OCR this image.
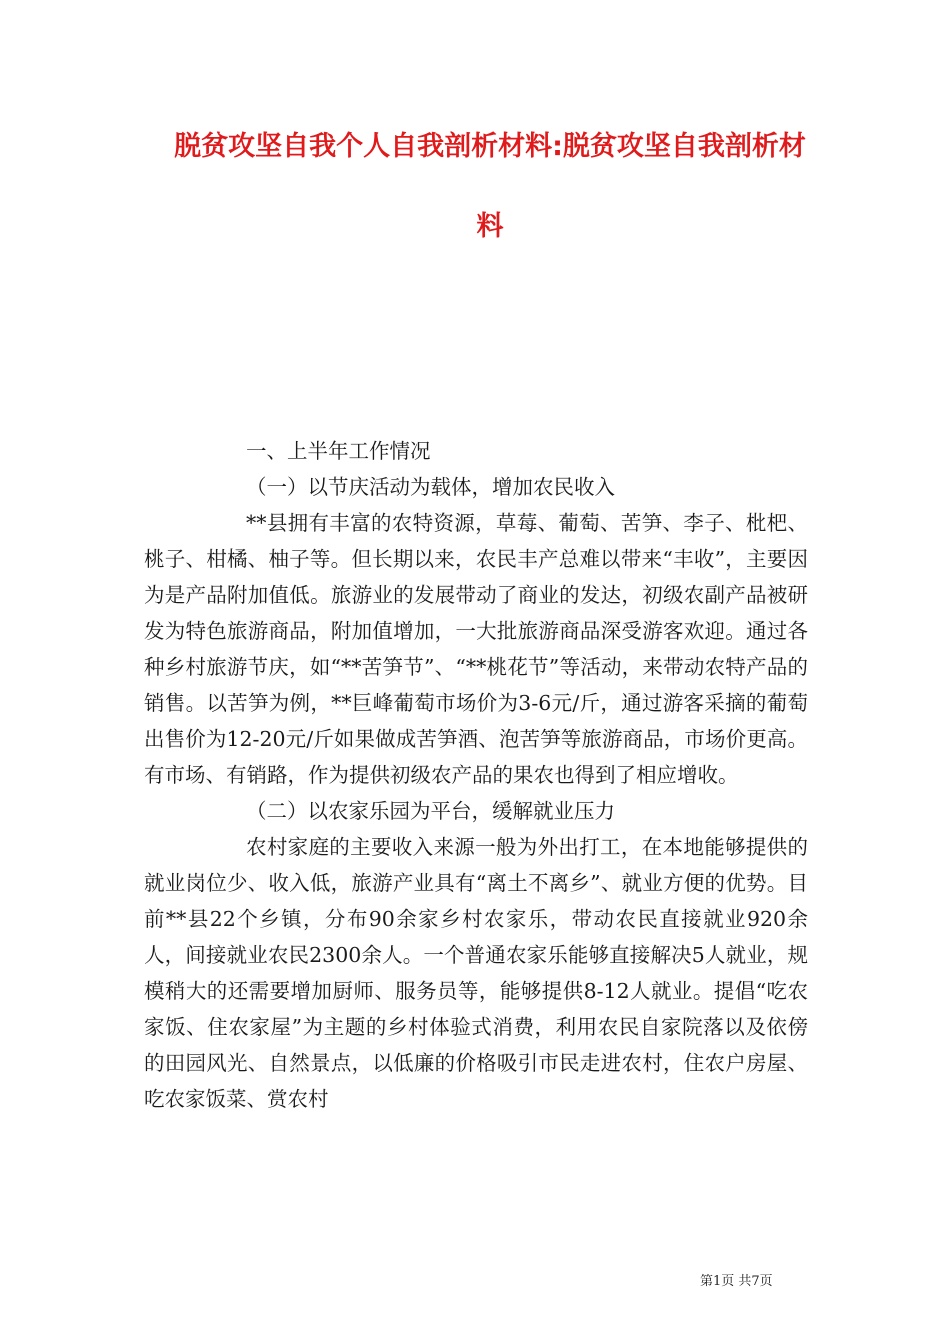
脱贫攻坚自我个人自我剖析材料:脱贫攻坚自我剖析材
料

一、上半年工作情况

（一）以节庆活动为载体，增加农民收入

**县拥有丰富的农特资源，草莓、葡萄、苦笋、李子、枇杷、桃子、柑橘、柚子等。但长期以来，农民丰产总难以带来“丰收”，主要因为是产品附加值低。旅游业的发展带动了商业的发达，初级农副产品被研发为特色旅游商品，附加值增加，一大批旅游商品深受游客欢迎。通过各种乡村旅游节庆，如“**苦笋节”、“**桃花节”等活动，来带动农特产品的销售。以苦笋为例，**巨峰葡萄市场价为3-6元/斤，通过游客采摘的葡萄出售价为12-20元/斤如果做成苦笋酒、泡苦笋等旅游商品，市场价更高。有市场、有销路，作为提供初级农产品的果农也得到了相应增收。

（二）以农家乐园为平台，缓解就业压力

农村家庭的主要收入来源一般为外出打工，在本地能够提供的就业岗位少、收入低，旅游产业具有“离土不离乡”、就业方便的优势。目前**县22个乡镇，分布90余家乡村农家乐，带动农民直接就业920余人，间接就业农民2300余人。一个普通农家乐能够直接解决5人就业，规模稍大的还需要增加厨师、服务员等，能够提供8-12人就业。提倡“吃农家饭、住农家屋”为主题的乡村体验式消费，利用农民自家院落以及依傍的田园风光、自然景点，以低廉的价格吸引市民走进农村，住农户房屋、吃农家饭菜、赏农村

第1页 共7页
